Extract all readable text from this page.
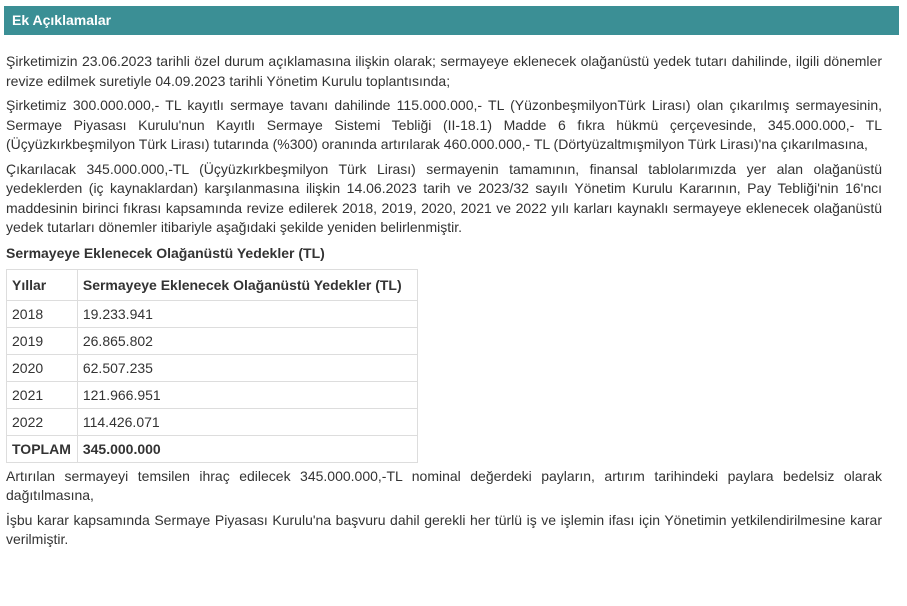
Ek Açıklamalar

Şirketimizin 23.06.2023 tarihli özel durum açıklamasına ilişkin olarak; sermayeye eklenecek olağanüstü yedek tutarı dahilinde, ilgili dönemler revize edilmek suretiyle 04.09.2023 tarihli Yönetim Kurulu toplantısında;

Şirketimiz 300.000.000,- TL kayıtlı sermaye tavanı dahilinde 115.000.000,- TL (YüzonbeşmilyonTürk Lirası) olan çıkarılmış sermayesinin, Sermaye Piyasası Kurulu'nun Kayıtlı Sermaye Sistemi Tebliği (II-18.1) Madde 6 fıkra hükmü çerçevesinde, 345.000.000,- TL (Üçyüzkırkbeşmilyon Türk Lirası) tutarında (%300) oranında artırılarak 460.000.000,- TL (Dörtyüzaltmışmilyon Türk Lirası)'na çıkarılmasına,

Çıkarılacak 345.000.000,-TL (Üçyüzkırkbeşmilyon Türk Lirası) sermayenin tamamının, finansal tablolarımızda yer alan olağanüstü yedeklerden (iç kaynaklardan) karşılanmasına ilişkin 14.06.2023 tarih ve 2023/32 sayılı Yönetim Kurulu Kararının, Pay Tebliği'nin 16'ncı maddesinin birinci fıkrası kapsamında revize edilerek 2018, 2019, 2020, 2021 ve 2022 yılı karları kaynaklı sermayeye eklenecek olağanüstü yedek tutarları dönemler itibariyle aşağıdaki şekilde yeniden belirlenmiştir.

Sermayeye Eklenecek Olağanüstü Yedekler (TL)
Yıllar	Sermayeye Eklenecek Olağanüstü Yedekler (TL)
2018	19.233.941
2019	26.865.802
2020	62.507.235
2021	121.966.951
2022	114.426.071
TOPLAM	345.000.000

Artırılan sermayeyi temsilen ihraç edilecek 345.000.000,-TL nominal değerdeki payların, artırım tarihindeki paylara bedelsiz olarak dağıtılmasına,

İşbu karar kapsamında Sermaye Piyasası Kurulu'na başvuru dahil gerekli her türlü iş ve işlemin ifası için Yönetimin yetkilendirilmesine karar verilmiştir.
